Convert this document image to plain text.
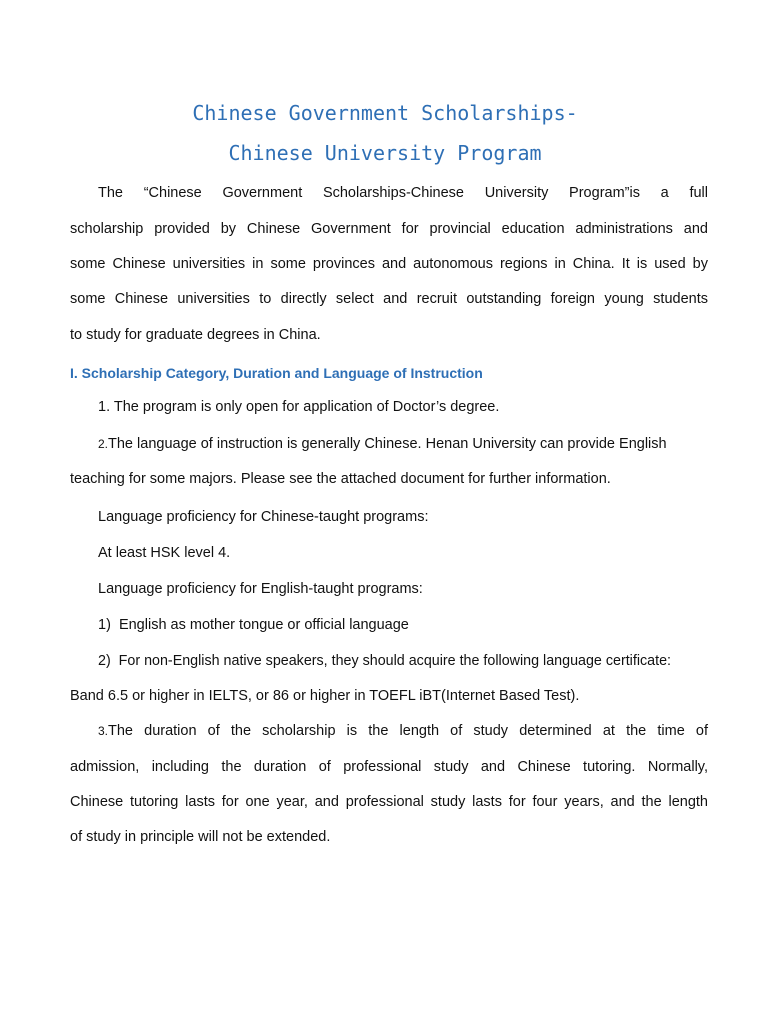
Chinese Government Scholarships-
Chinese University Program
The “Chinese Government Scholarships-Chinese University Program”is a full
scholarship provided by Chinese Government for provincial education administrations and
some Chinese universities in some provinces and autonomous regions in China. It is used by
some Chinese universities to directly select and recruit outstanding foreign young students
to study for graduate degrees in China.
I. Scholarship Category, Duration and Language of Instruction
1. The program is only open for application of Doctor’s degree.
2.The language of instruction is generally Chinese. Henan University can provide English
teaching for some majors. Please see the attached document for further information.
Language proficiency for Chinese-taught programs:
At least HSK level 4.
Language proficiency for English-taught programs:
1)  English as mother tongue or official language
2)  For non-English native speakers, they should acquire the following language certificate:
Band 6.5 or higher in IELTS, or 86 or higher in TOEFL iBT(Internet Based Test).
3. The duration of the scholarship is the length of study determined at the time of
admission, including the duration of professional study and Chinese tutoring. Normally,
Chinese tutoring lasts for one year, and professional study lasts for four years, and the length
of study in principle will not be extended.
